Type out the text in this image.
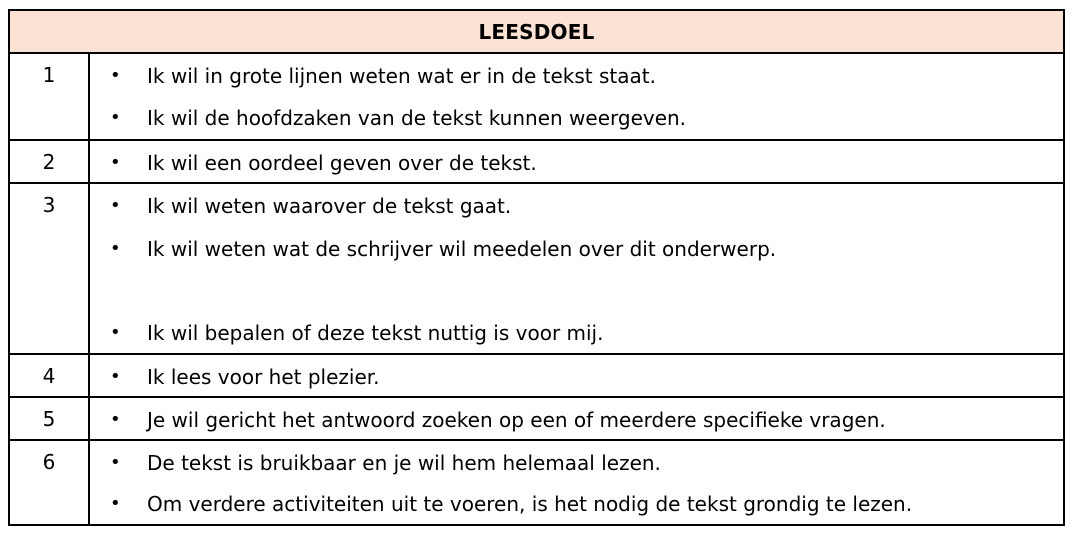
LEESDOEL
1	• Ik wil in grote lijnen weten wat er in de tekst staat.
• Ik wil de hoofdzaken van de tekst kunnen weergeven.
2	• Ik wil een oordeel geven over de tekst.
3	• Ik wil weten waarover de tekst gaat.
• Ik wil weten wat de schrijver wil meedelen over dit onderwerp.
• Ik wil bepalen of deze tekst nuttig is voor mij.
4	• Ik lees voor het plezier.
5	• Je wil gericht het antwoord zoeken op een of meerdere specifieke vragen.
6	• De tekst is bruikbaar en je wil hem helemaal lezen.
• Om verdere activiteiten uit te voeren, is het nodig de tekst grondig te lezen.
